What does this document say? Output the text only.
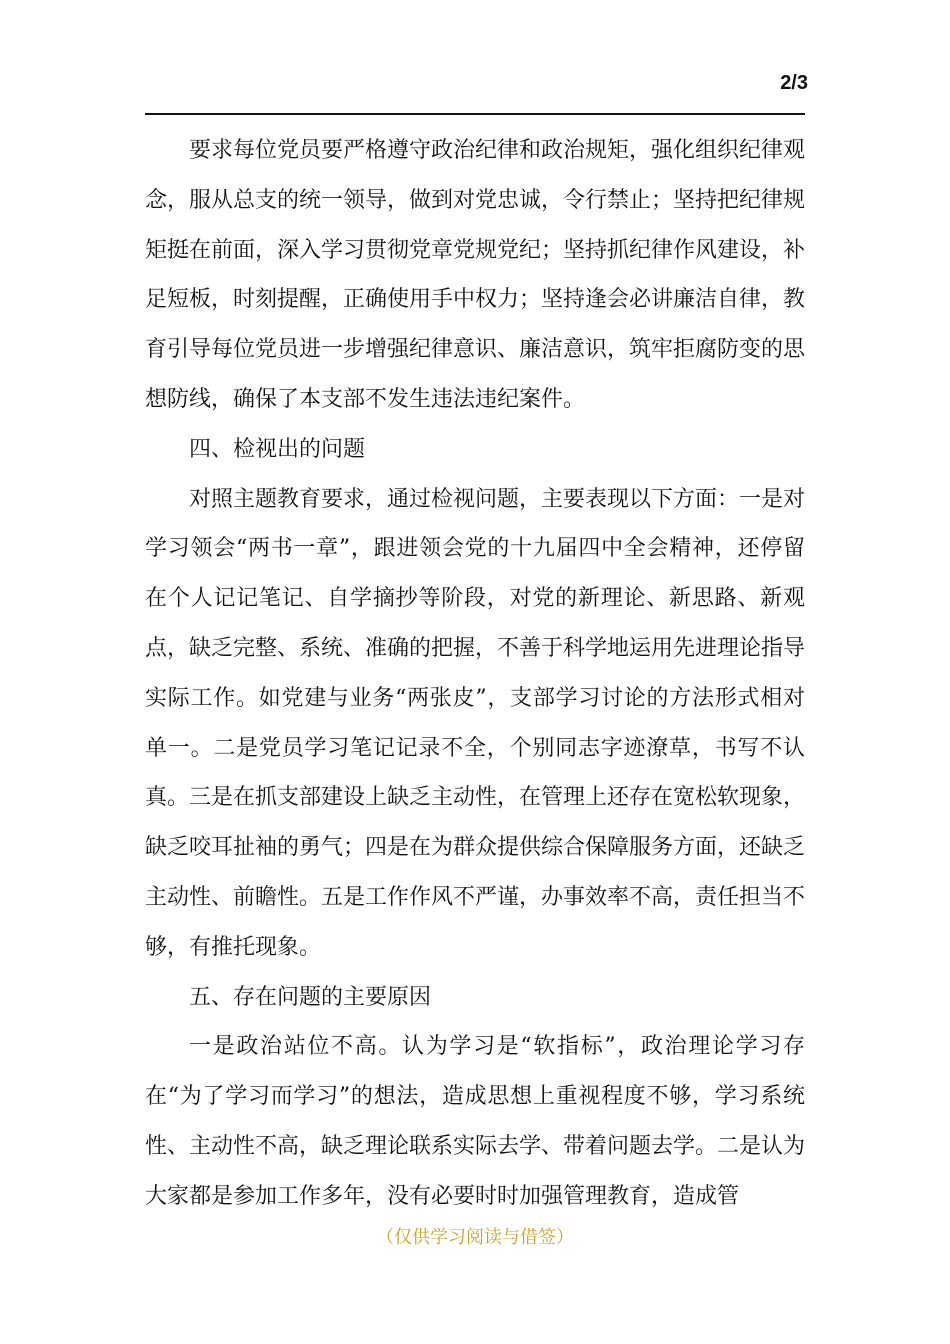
2/3

要求每位党员要严格遵守政治纪律和政治规矩，强化组织纪律观念，服从总支的统一领导，做到对党忠诚，令行禁止；坚持把纪律规矩挺在前面，深入学习贯彻党章党规党纪；坚持抓纪律作风建设，补足短板，时刻提醒，正确使用手中权力；坚持逢会必讲廉洁自律，教育引导每位党员进一步增强纪律意识、廉洁意识，筑牢拒腐防变的思想防线，确保了本支部不发生违法违纪案件。

四、检视出的问题

对照主题教育要求，通过检视问题，主要表现以下方面：一是对学习领会“两书一章”，跟进领会党的十九届四中全会精神，还停留在个人记记笔记、自学摘抄等阶段，对党的新理论、新思路、新观点，缺乏完整、系统、准确的把握，不善于科学地运用先进理论指导实际工作。如党建与业务“两张皮”，支部学习讨论的方法形式相对单一。二是党员学习笔记记录不全，个别同志字迹潦草，书写不认真。三是在抓支部建设上缺乏主动性，在管理上还存在宽松软现象，缺乏咬耳扯袖的勇气；四是在为群众提供综合保障服务方面，还缺乏主动性、前瞻性。五是工作作风不严谨，办事效率不高，责任担当不够，有推托现象。

五、存在问题的主要原因

一是政治站位不高。认为学习是“软指标”，政治理论学习存在“为了学习而学习”的想法，造成思想上重视程度不够，学习系统性、主动性不高，缺乏理论联系实际去学、带着问题去学。二是认为大家都是参加工作多年，没有必要时时加强管理教育，造成管

（仅供学习阅读与借签）
